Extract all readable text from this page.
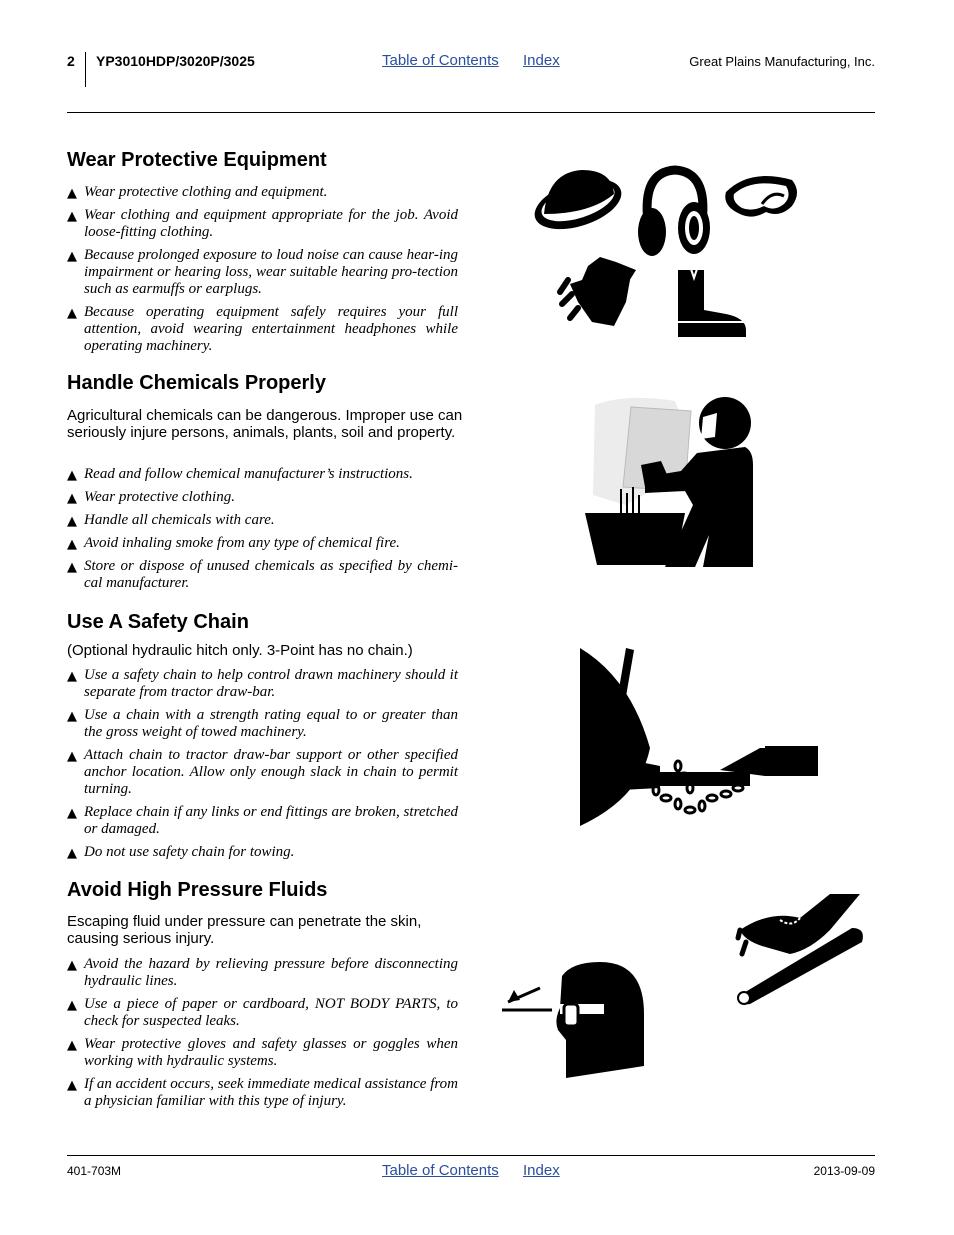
2 YP3010HDP/3020P/3025	Table of Contents Index	Great Plains Manufacturing, Inc.
Wear Protective Equipment
▲ Wear protective clothing and equipment.
▲ Wear clothing and equipment appropriate for the job. Avoid loose-fitting clothing.
▲ Because prolonged exposure to loud noise can cause hear-ing impairment or hearing loss, wear suitable hearing pro-tection such as earmuffs or earplugs.
▲ Because operating equipment safely requires your full attention, avoid wearing entertainment headphones while operating machinery.
Handle Chemicals Properly
Agricultural chemicals can be dangerous. Improper use can seriously injure persons, animals, plants, soil and property.
▲ Read and follow chemical manufacturer’s instructions.
▲ Wear protective clothing.
▲ Handle all chemicals with care.
▲ Avoid inhaling smoke from any type of chemical fire.
▲ Store or dispose of unused chemicals as specified by chemi-cal manufacturer.
Use A Safety Chain
(Optional hydraulic hitch only. 3-Point has no chain.)
▲ Use a safety chain to help control drawn machinery should it separate from tractor draw-bar.
▲ Use a chain with a strength rating equal to or greater than the gross weight of towed machinery.
▲ Attach chain to tractor draw-bar support or other specified anchor location. Allow only enough slack in chain to permit turning.
▲ Replace chain if any links or end fittings are broken, stretched or damaged.
▲ Do not use safety chain for towing.
Avoid High Pressure Fluids
Escaping fluid under pressure can penetrate the skin, causing serious injury.
▲ Avoid the hazard by relieving pressure before disconnecting hydraulic lines.
▲ Use a piece of paper or cardboard, NOT BODY PARTS, to check for suspected leaks.
▲ Wear protective gloves and safety glasses or goggles when working with hydraulic systems.
▲ If an accident occurs, seek immediate medical assistance from a physician familiar with this type of injury.
401-703M	Table of Contents Index	2013-09-09
